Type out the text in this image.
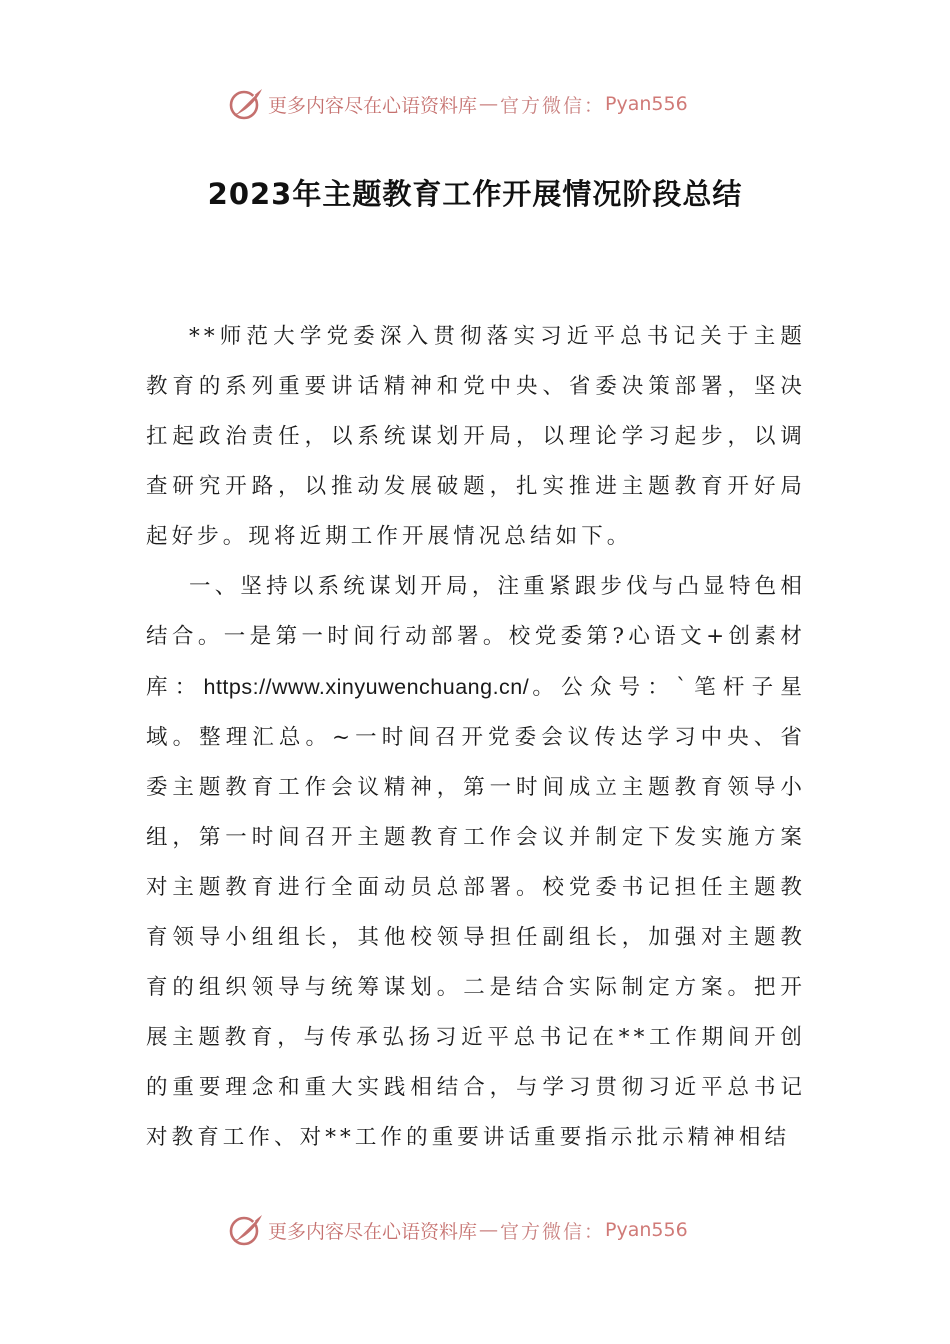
更多内容尽在心语资料库 — 官方微信： Pyan556
2023年主题教育工作开展情况阶段总结

**师范大学党委深入贯彻落实习近平总书记关于主题教育的系列重要讲话精神和党中央、省委决策部署，坚决扛起政治责任，以系统谋划开局，以理论学习起步，以调查研究开路，以推动发展破题，扎实推进主题教育开好局起好步。现将近期工作开展情况总结如下。

一、坚持以系统谋划开局，注重紧跟步伐与凸显特色相结合。一是第一时间行动部署。校党委第?心语文+创素材库：https://www.xinyuwenchuang.cn/。公众号：`笔杆子星域。整理汇总。~一时间召开党委会议传达学习中央、省委主题教育工作会议精神，第一时间成立主题教育领导小组，第一时间召开主题教育工作会议并制定下发实施方案对主题教育进行全面动员总部署。校党委书记担任主题教育领导小组组长，其他校领导担任副组长，加强对主题教育的组织领导与统筹谋划。二是结合实际制定方案。把开展主题教育，与传承弘扬习近平总书记在**工作期间开创的重要理念和重大实践相结合，与学习贯彻习近平总书记对教育工作、对**工作的重要讲话重要指示批示精神相结

更多内容尽在心语资料库 — 官方微信： Pyan556
